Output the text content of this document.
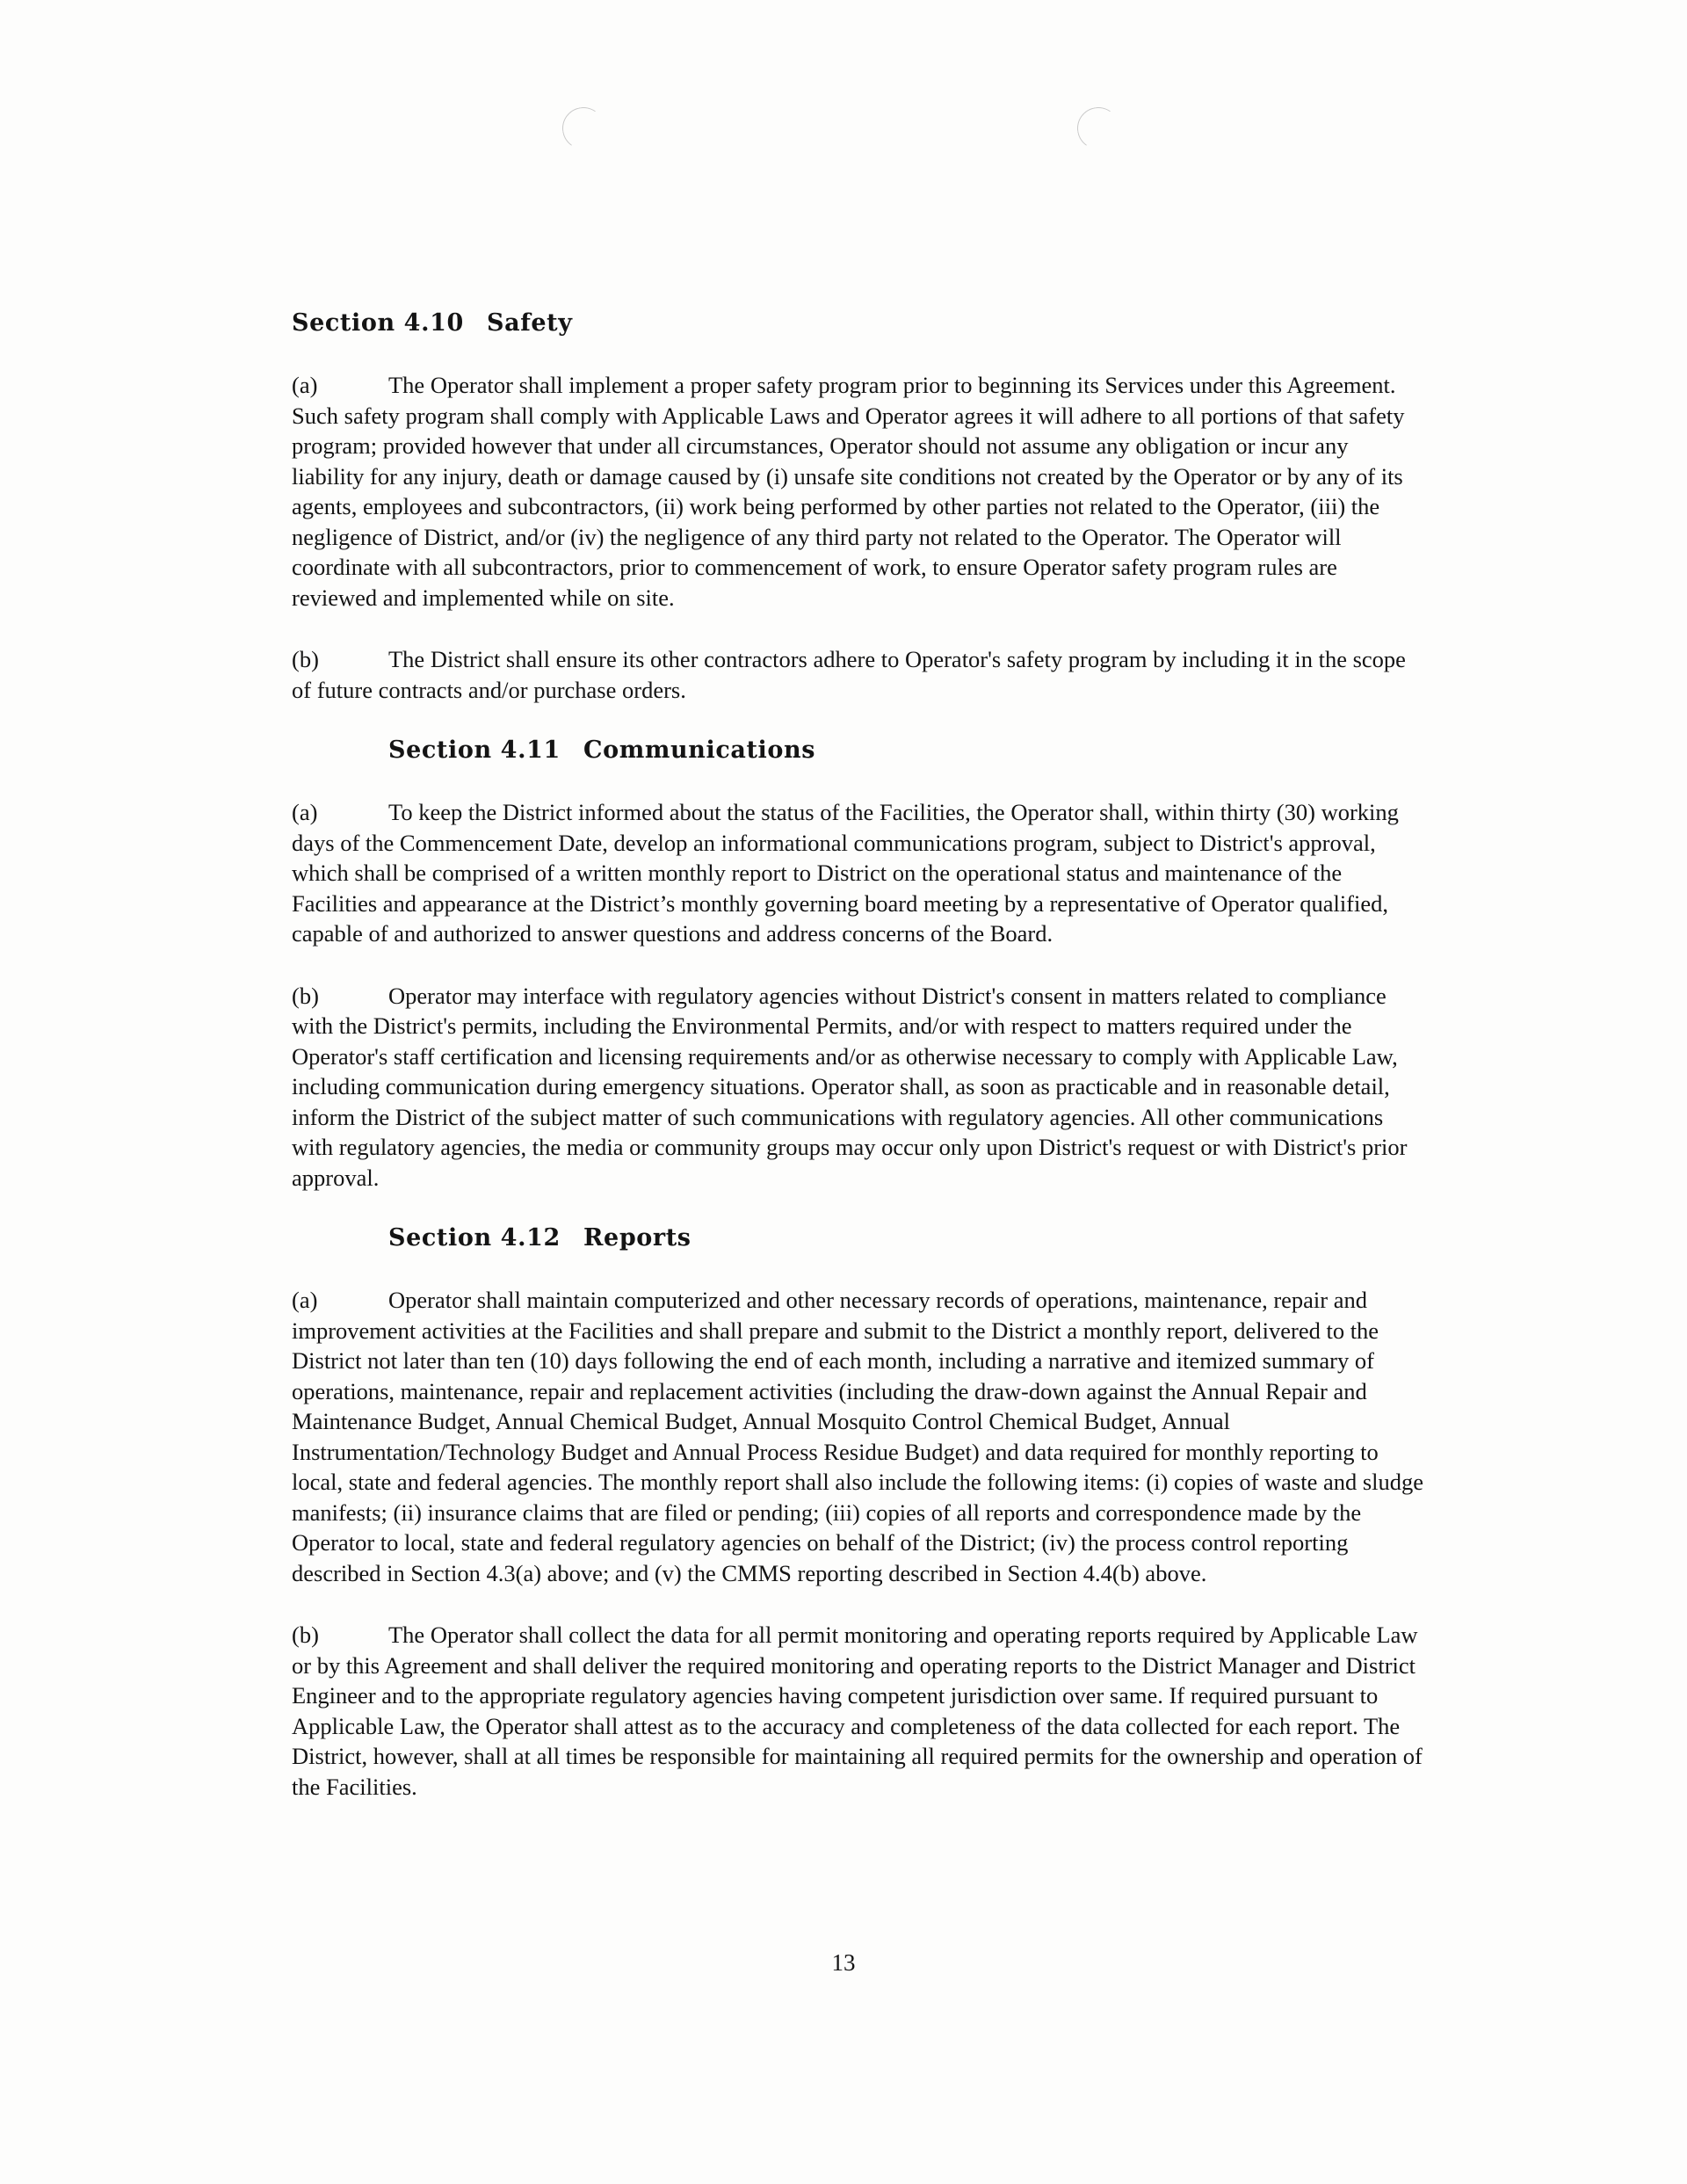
Section 4.10 Safety

(a)	The Operator shall implement a proper safety program prior to beginning its Services under this Agreement. Such safety program shall comply with Applicable Laws and Operator agrees it will adhere to all portions of that safety program; provided however that under all circumstances, Operator should not assume any obligation or incur any liability for any injury, death or damage caused by (i) unsafe site conditions not created by the Operator or by any of its agents, employees and subcontractors, (ii) work being performed by other parties not related to the Operator, (iii) the negligence of District, and/or (iv) the negligence of any third party not related to the Operator. The Operator will coordinate with all subcontractors, prior to commencement of work, to ensure Operator safety program rules are reviewed and implemented while on site.

(b)	The District shall ensure its other contractors adhere to Operator's safety program by including it in the scope of future contracts and/or purchase orders.

Section 4.11 Communications

(a)	To keep the District informed about the status of the Facilities, the Operator shall, within thirty (30) working days of the Commencement Date, develop an informational communications program, subject to District's approval, which shall be comprised of a written monthly report to District on the operational status and maintenance of the Facilities and appearance at the District’s monthly governing board meeting by a representative of Operator qualified, capable of and authorized to answer questions and address concerns of the Board.

(b)	Operator may interface with regulatory agencies without District's consent in matters related to compliance with the District's permits, including the Environmental Permits, and/or with respect to matters required under the Operator's staff certification and licensing requirements and/or as otherwise necessary to comply with Applicable Law, including communication during emergency situations. Operator shall, as soon as practicable and in reasonable detail, inform the District of the subject matter of such communications with regulatory agencies. All other communications with regulatory agencies, the media or community groups may occur only upon District's request or with District's prior approval.

Section 4.12 Reports

(a)	Operator shall maintain computerized and other necessary records of operations, maintenance, repair and improvement activities at the Facilities and shall prepare and submit to the District a monthly report, delivered to the District not later than ten (10) days following the end of each month, including a narrative and itemized summary of operations, maintenance, repair and replacement activities (including the draw-down against the Annual Repair and Maintenance Budget, Annual Chemical Budget, Annual Mosquito Control Chemical Budget, Annual Instrumentation/Technology Budget and Annual Process Residue Budget) and data required for monthly reporting to local, state and federal agencies. The monthly report shall also include the following items: (i) copies of waste and sludge manifests; (ii) insurance claims that are filed or pending; (iii) copies of all reports and correspondence made by the Operator to local, state and federal regulatory agencies on behalf of the District; (iv) the process control reporting described in Section 4.3(a) above; and (v) the CMMS reporting described in Section 4.4(b) above.

(b)	The Operator shall collect the data for all permit monitoring and operating reports required by Applicable Law or by this Agreement and shall deliver the required monitoring and operating reports to the District Manager and District Engineer and to the appropriate regulatory agencies having competent jurisdiction over same. If required pursuant to Applicable Law, the Operator shall attest as to the accuracy and completeness of the data collected for each report. The District, however, shall at all times be responsible for maintaining all required permits for the ownership and operation of the Facilities.

13
